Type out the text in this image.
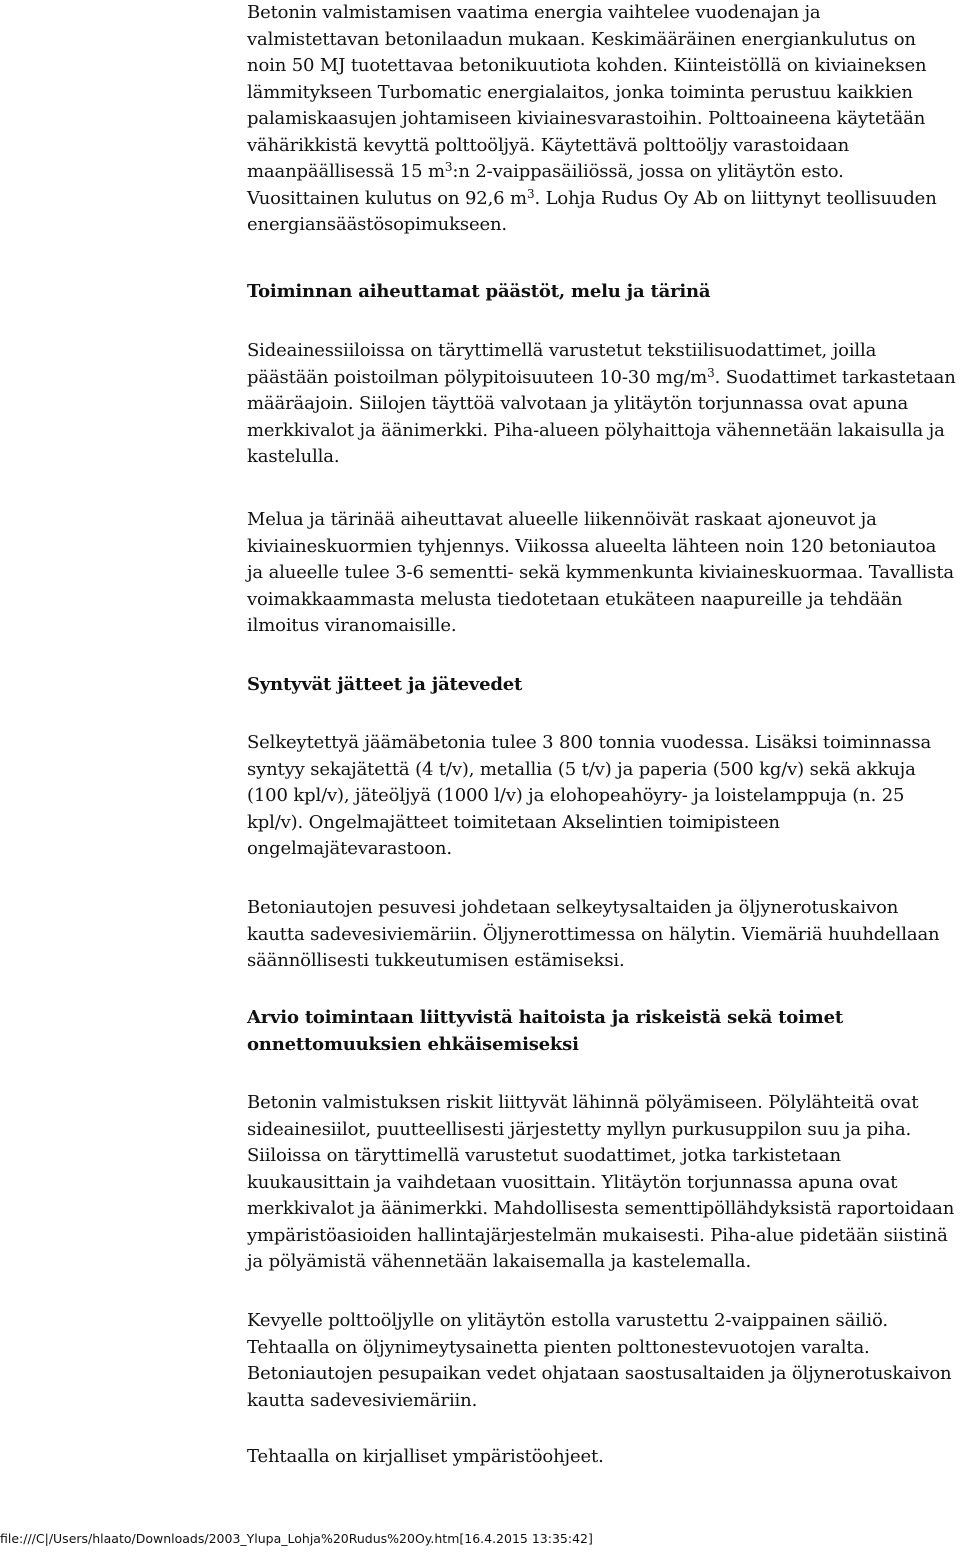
Betonin valmistamisen vaatima energia vaihtelee vuodenajan ja valmistettavan betonilaadun mukaan. Keskimääräinen energiankulutus on noin 50 MJ tuotettavaa betonikuutiota kohden. Kiinteistöllä on kiviaineksen lämmitykseen Turbomatic energialaitos, jonka toiminta perustuu kaikkien palamiskaasujen johtamiseen kiviainesvarastoihin. Polttoaineena käytetään vähärikkistä kevyttä polttoöljyä. Käytettävä polttoöljy varastoidaan maanpäällisessä 15 $m^3:n$ 2-vaippasäiliössä, jossa on ylitäytön esto. Vuosittainen kulutus on 92,6 $m^3$. Lohja Rudus Oy Ab on liittynyt teollisuuden energiansäästösopimukseen.

Toiminnan aiheuttamat päästöt, melu ja tärinä

Sideainessiiloissa on täryttimellä varustetut tekstiilisuodattimet, joilla päästään poistoilman pölypitoisuuteen 10-30 $mg/m^3$. Suodattimet tarkastetaan määräajoin. Siilojen täyttöä valvotaan ja ylitäytön torjunnassa ovat apuna merkkivalot ja äänimerkki. Piha-alueen pölyhaittoja vähennetään lakaisulla ja kastelulla.

Melua ja tärinää aiheuttavat alueelle liikennöivät raskaat ajoneuvot ja kiviaineskuormien tyhjennys. Viikossa alueelta lähteen noin 120 betoniautoa ja alueelle tulee 3-6 sementti- sekä kymmenkunta kiviaineskuormaa. Tavallista voimakkaammasta melusta tiedotetaan etukäteen naapureille ja tehdään ilmoitus viranomaisille.

Syntyvät jätteet ja jätevedet

Selkeytettyä jäämäbetonia tulee 3 800 tonnia vuodessa. Lisäksi toiminnassa syntyy sekajätettä (4 t/v), metallia (5 t/v) ja paperia (500 kg/v) sekä akkuja (100 kpl/v), jäteöljyä (1000 l/v) ja elohopeahöyry- ja loistelamppuja (n. 25 kpl/v). Ongelmajätteet toimitetaan Akselintien toimipisteen ongelmajätevarastoon.

Betoniautojen pesuvesi johdetaan selkeytysaltaiden ja öljynerotuskaivon kautta sadevesiviemäriin. Öljynerottimessa on hälytin. Viemäriä huuhdellaan säännöllisesti tukkeutumisen estämiseksi.

Arvio toimintaan liittyvistä haitoista ja riskeistä sekä toimet onnettomuuksien ehkäisemiseksi

Betonin valmistuksen riskit liittyvät lähinnä pölyämiseen. Pölylähteitä ovat sideainesiilot, puutteellisesti järjestetty myllyn purkusuppilon suu ja piha. Siiloissa on täryttimellä varustetut suodattimet, jotka tarkistetaan kuukausittain ja vaihdetaan vuosittain. Ylitäytön torjunnassa apuna ovat merkkivalot ja äänimerkki. Mahdollisesta sementtipöllähdyksistä raportoidaan ympäristöasioiden hallintajärjestelmän mukaisesti. Piha-alue pidetään siistinä ja pölyämistä vähennetään lakaisemalla ja kastelemalla.

Kevyelle polttoöljylle on ylitäytön estolla varustettu 2-vaippainen säiliö. Tehtaalla on öljynimeytysainetta pienten polttonestevuotojen varalta. Betoniautojen pesupaikan vedet ohjataan saostusaltaiden ja öljynerotuskaivon kautta sadevesiviemäriin.

Tehtaalla on kirjalliset ympäristöohjeet.

file:///C|/Users/hlaato/Downloads/2003_Ylupa_Lohja%20Rudus%20Oy.htm[16.4.2015 13:35:42]
